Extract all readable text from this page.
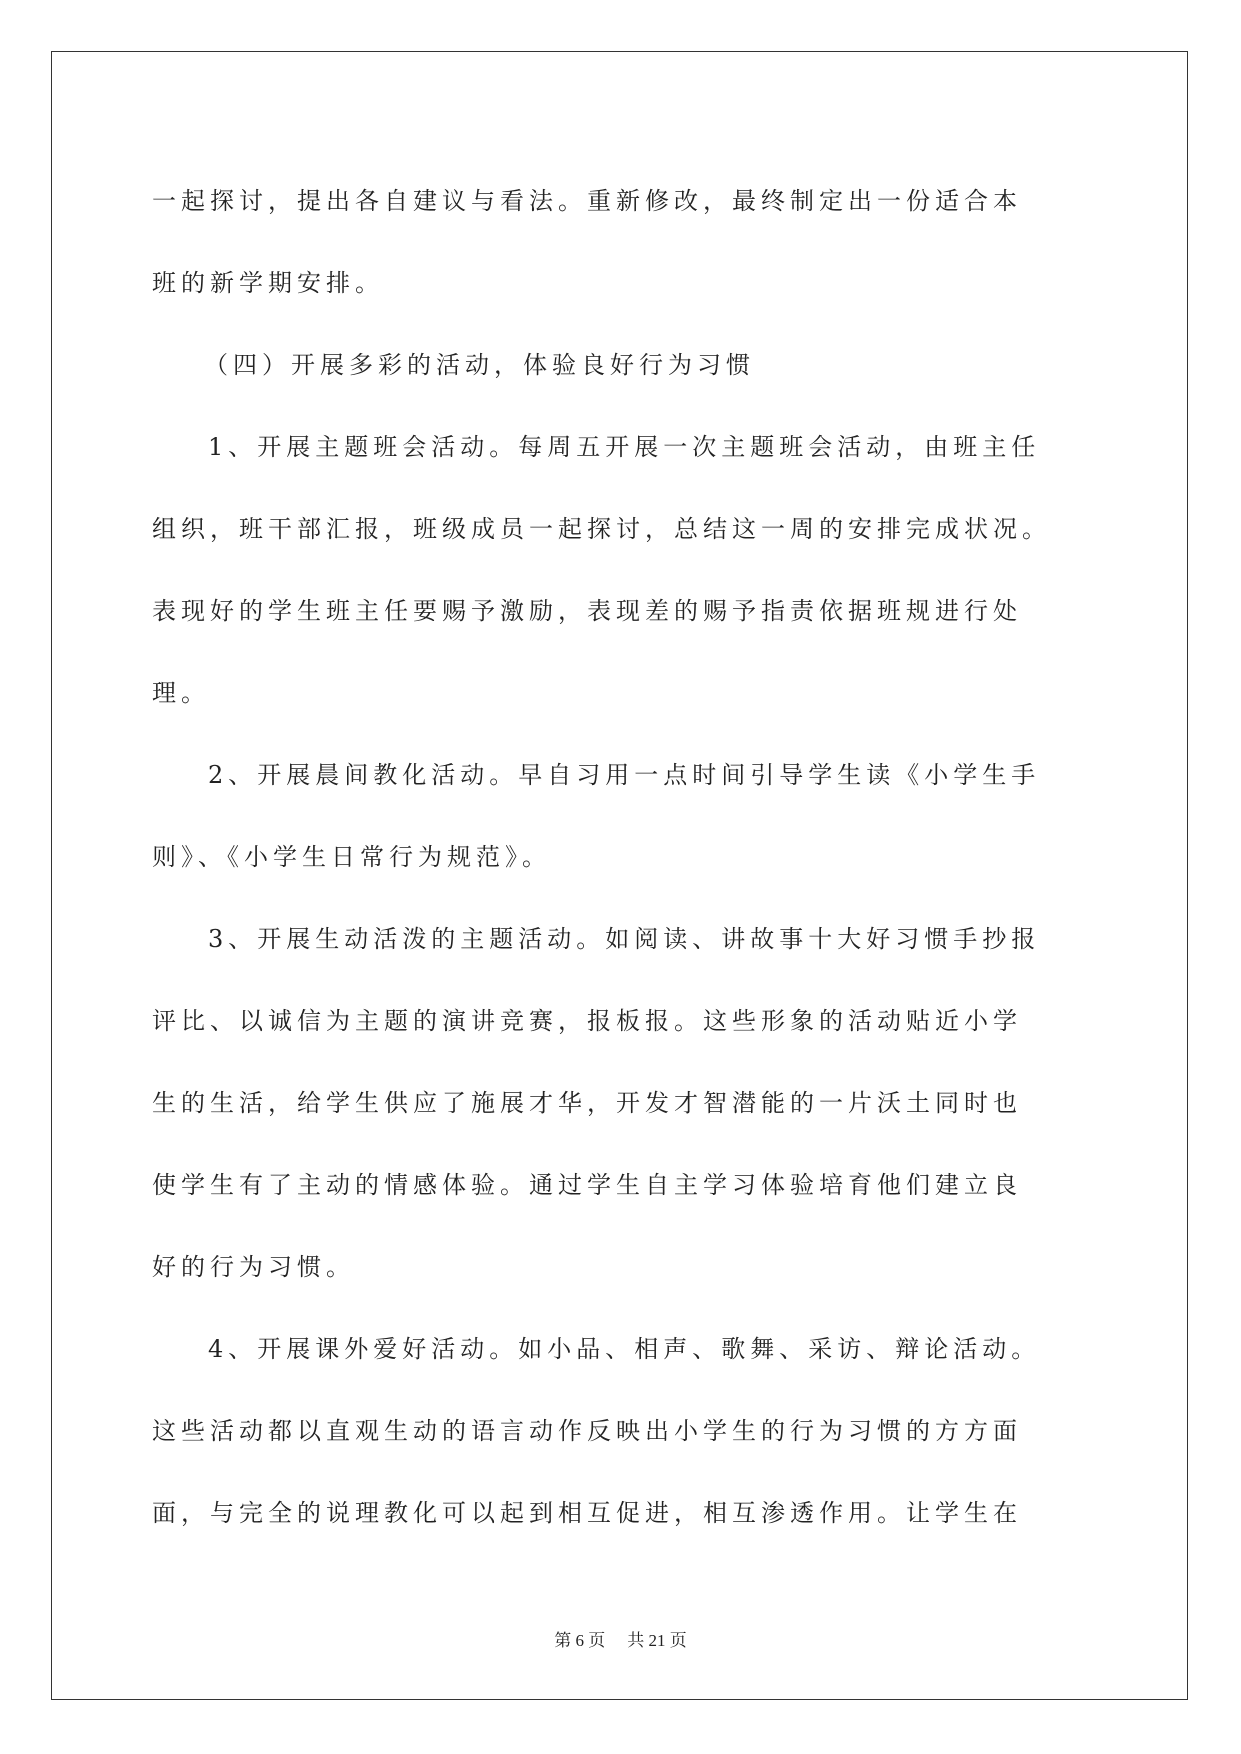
一起探讨，提出各自建议与看法。重新修改，最终制定出一份适合本
班的新学期安排。

（四）开展多彩的活动，体验良好行为习惯

1、开展主题班会活动。每周五开展一次主题班会活动，由班主任
组织，班干部汇报，班级成员一起探讨，总结这一周的安排完成状况。
表现好的学生班主任要赐予激励，表现差的赐予指责依据班规进行处
理。

2、开展晨间教化活动。早自习用一点时间引导学生读《小学生手
则》、《小学生日常行为规范》。

3、开展生动活泼的主题活动。如阅读、讲故事十大好习惯手抄报
评比、以诚信为主题的演讲竞赛，报板报。这些形象的活动贴近小学
生的生活，给学生供应了施展才华，开发才智潜能的一片沃土同时也
使学生有了主动的情感体验。通过学生自主学习体验培育他们建立良
好的行为习惯。

4、开展课外爱好活动。如小品、相声、歌舞、采访、辩论活动。
这些活动都以直观生动的语言动作反映出小学生的行为习惯的方方面
面，与完全的说理教化可以起到相互促进，相互渗透作用。让学生在

第 6 页 共 21 页
